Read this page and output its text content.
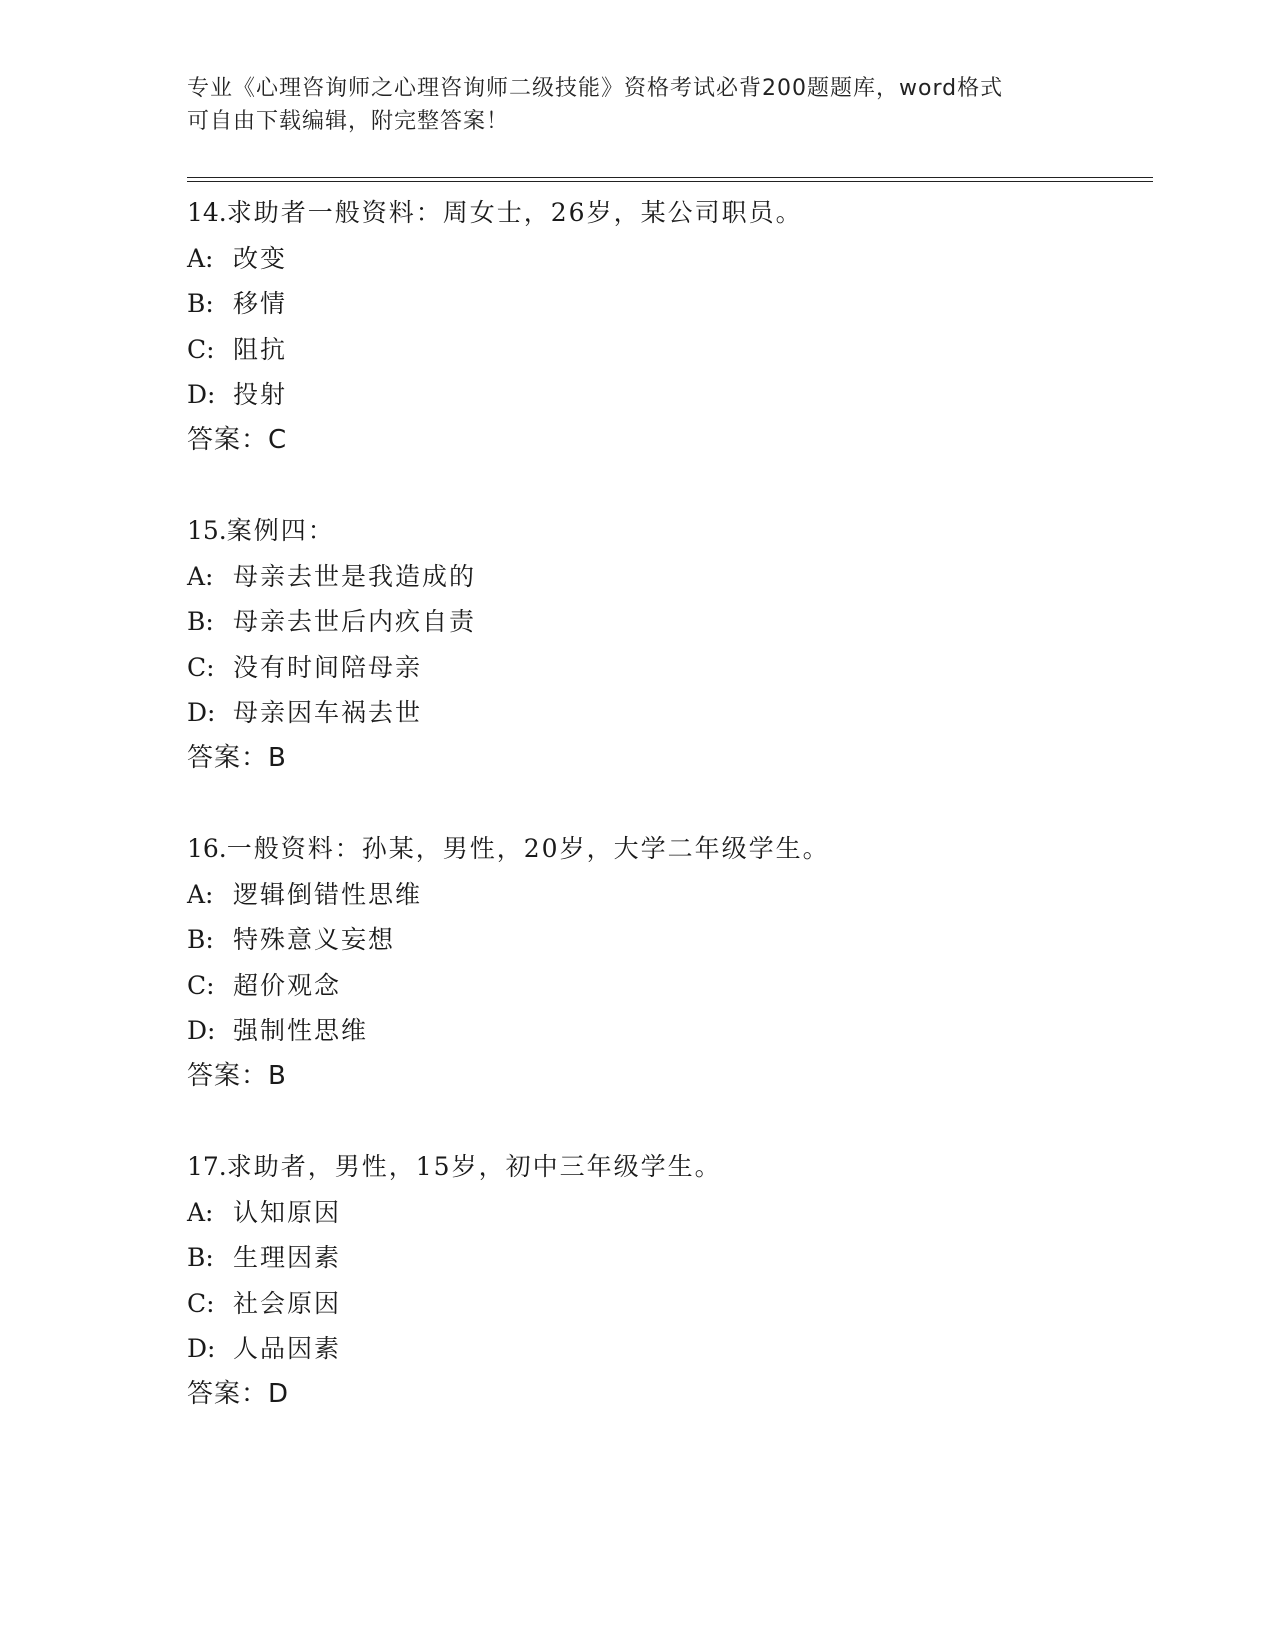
专业《心理咨询师之心理咨询师二级技能》资格考试必背200题题库，word格式
可自由下载编辑，附完整答案！
14.求助者一般资料：周女士，26岁，某公司职员。
A: 改变
B: 移情
C: 阻抗
D: 投射
答案：C
15.案例四：
A: 母亲去世是我造成的
B: 母亲去世后内疚自责
C: 没有时间陪母亲
D: 母亲因车祸去世
答案：B
16.一般资料：孙某，男性，20岁，大学二年级学生。
A: 逻辑倒错性思维
B: 特殊意义妄想
C: 超价观念
D: 强制性思维
答案：B
17.求助者，男性，15岁，初中三年级学生。
A: 认知原因
B: 生理因素
C: 社会原因
D: 人品因素
答案：D
